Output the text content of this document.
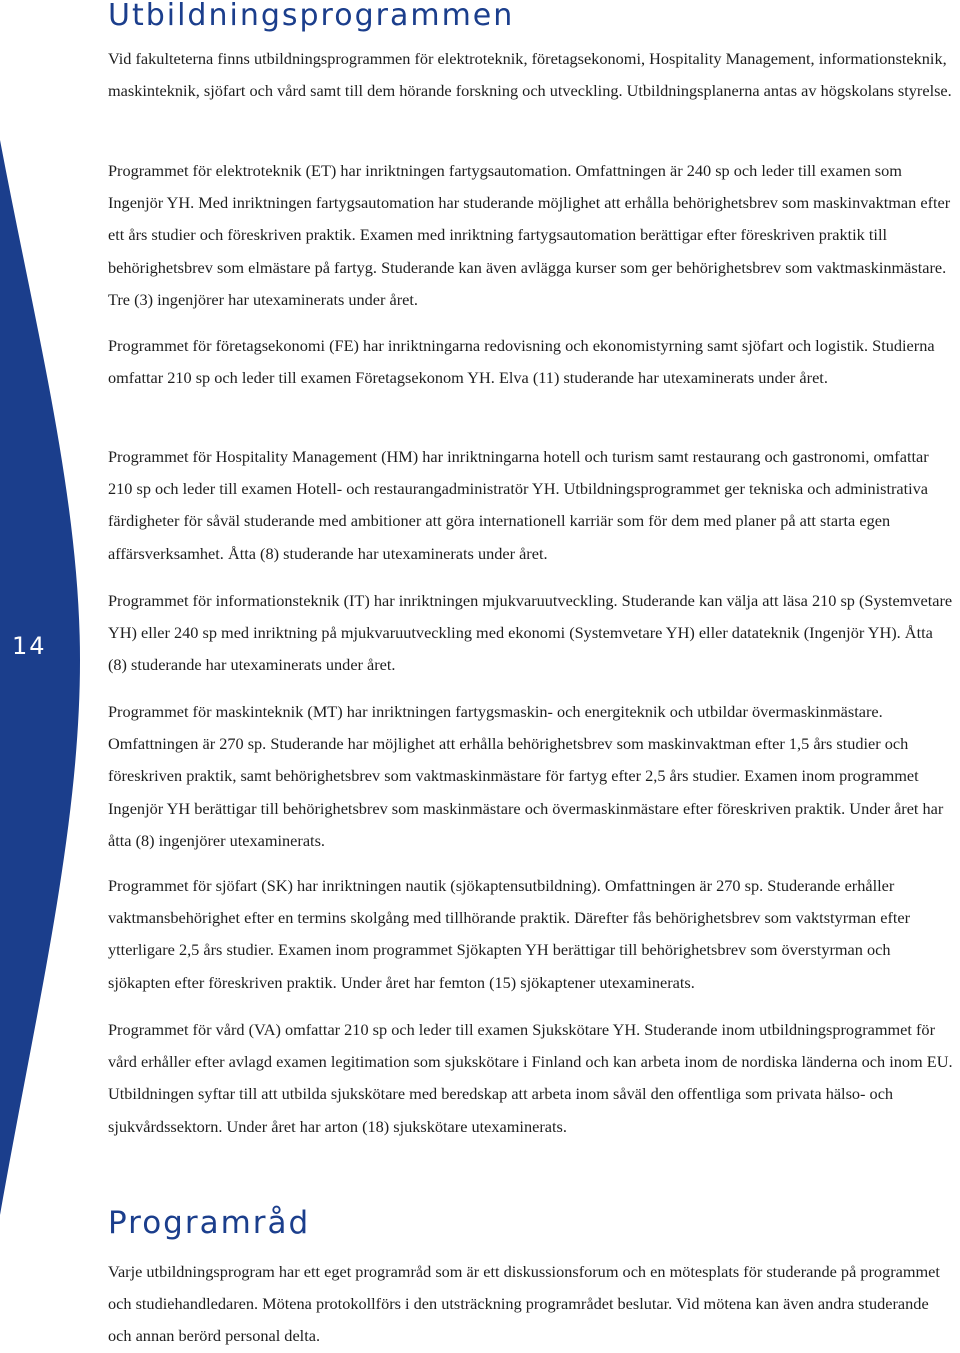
14
Utbildningsprogrammen

Vid fakulteterna finns utbildningsprogrammen för elektroteknik, företagsekonomi, Hospitality Management, informationsteknik, maskinteknik, sjöfart och vård samt till dem hörande forskning och utveckling. Utbildningsplanerna antas av högskolans styrelse.

Programmet för elektroteknik (ET) har inriktningen fartygsautomation. Omfattningen är 240 sp och leder till examen som Ingenjör YH. Med inriktningen fartygsautomation har studerande möjlighet att erhålla behörighetsbrev som maskinvaktman efter ett års studier och föreskriven praktik. Examen med inriktning fartygsautomation berättigar efter föreskriven praktik till behörighetsbrev som elmästare på fartyg. Studerande kan även avlägga kurser som ger behörighetsbrev som vaktmaskinmästare. Tre (3) ingenjörer har utexaminerats under året.

Programmet för företagsekonomi (FE) har inriktningarna redovisning och ekonomistyrning samt sjöfart och logistik. Studierna omfattar 210 sp och leder till examen Företagsekonom YH. Elva (11) studerande har utexaminerats under året.

Programmet för Hospitality Management (HM) har inriktningarna hotell och turism samt restaurang och gastronomi, omfattar 210 sp och leder till examen Hotell- och restaurangadministratör YH. Utbildningsprogrammet ger tekniska och administrativa färdigheter för såväl studerande med ambitioner att göra internationell karriär som för dem med planer på att starta egen affärsverksamhet. Åtta (8) studerande har utexaminerats under året.

Programmet för informationsteknik (IT) har inriktningen mjukvaruutveckling. Studerande kan välja att läsa 210 sp (Systemvetare YH) eller 240 sp med inriktning på mjukvaruutveckling med ekonomi (Systemvetare YH) eller datateknik (Ingenjör YH). Åtta (8) studerande har utexaminerats under året.

Programmet för maskinteknik (MT) har inriktningen fartygsmaskin- och energiteknik och utbildar övermaskinmästare. Omfattningen är 270 sp. Studerande har möjlighet att erhålla behörighetsbrev som maskinvaktman efter 1,5 års studier och föreskriven praktik, samt behörighetsbrev som vaktmaskinmästare för fartyg efter 2,5 års studier. Examen inom programmet Ingenjör YH berättigar till behörighetsbrev som maskinmästare och övermaskinmästare efter föreskriven praktik. Under året har åtta (8) ingenjörer utexaminerats.

Programmet för sjöfart (SK) har inriktningen nautik (sjökaptensutbildning). Omfattningen är 270 sp. Studerande erhåller vaktmansbehörighet efter en termins skolgång med tillhörande praktik. Därefter fås behörighetsbrev som vaktstyrman efter ytterligare 2,5 års studier. Examen inom programmet Sjökapten YH berättigar till behörighetsbrev som överstyrman och sjökapten efter föreskriven praktik. Under året har femton (15) sjökaptener utexaminerats.

Programmet för vård (VA) omfattar 210 sp och leder till examen Sjukskötare YH. Studerande inom utbildningsprogrammet för vård erhåller efter avlagd examen legitimation som sjukskötare i Finland och kan arbeta inom de nordiska länderna och inom EU. Utbildningen syftar till att utbilda sjukskötare med beredskap att arbeta inom såväl den offentliga som privata hälso- och sjukvårdssektorn. Under året har arton (18) sjukskötare utexaminerats.

Programråd

Varje utbildningsprogram har ett eget programråd som är ett diskussionsforum och en mötesplats för studerande på programmet och studiehandledaren. Mötena protokollförs i den utsträckning programrådet beslutar. Vid mötena kan även andra studerande och annan berörd personal delta.
